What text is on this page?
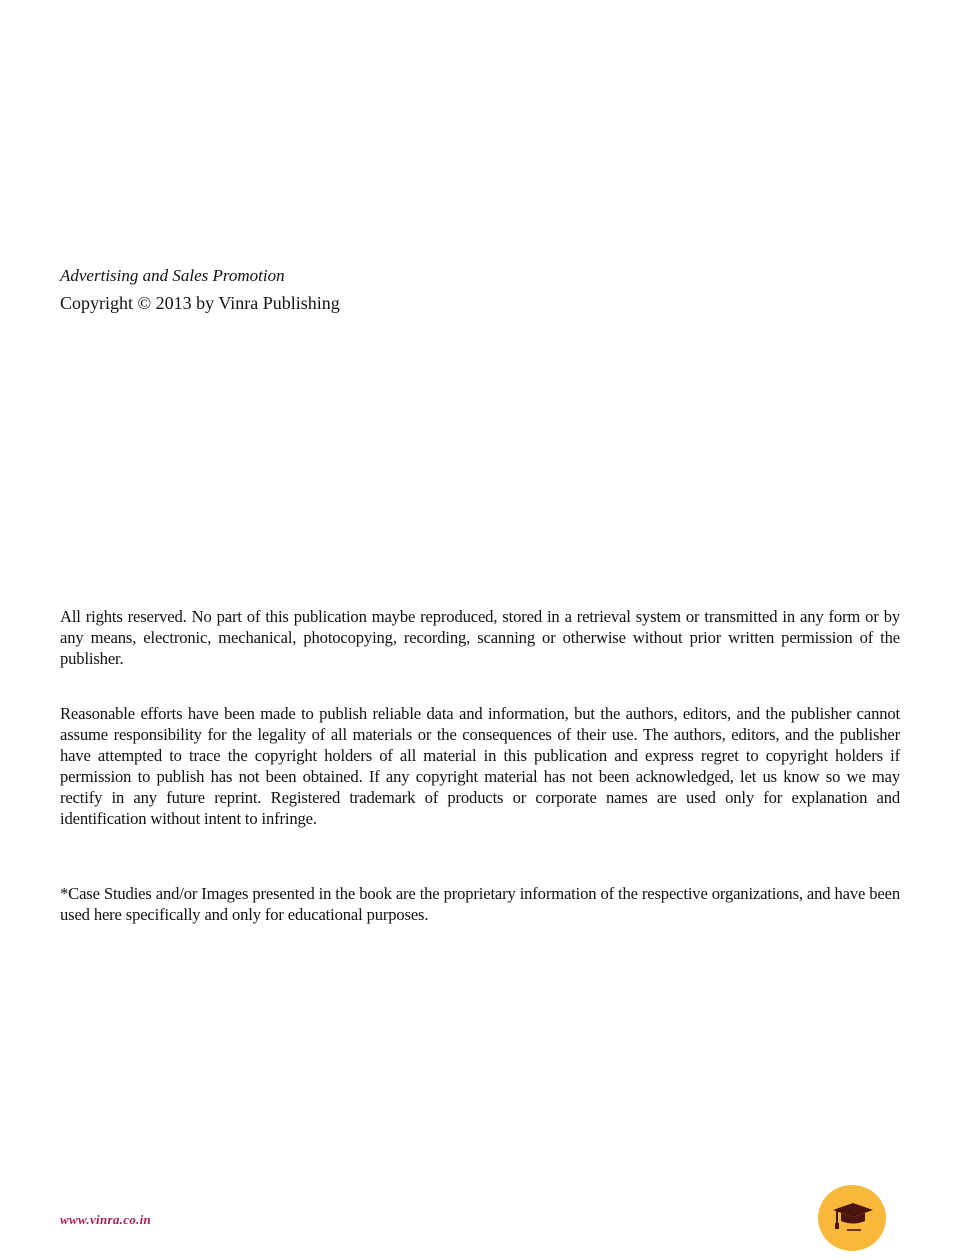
Advertising and Sales Promotion
Copyright © 2013 by Vinra Publishing

All rights reserved. No part of this publication maybe reproduced, stored in a retrieval system or transmitted in any form or by any means, electronic, mechanical, photocopying, recording, scanning or otherwise without prior written permission of the publisher.

Reasonable efforts have been made to publish reliable data and information, but the authors, editors, and the publisher cannot assume responsibility for the legality of all materials or the consequences of their use. The authors, editors, and the publisher have attempted to trace the copyright holders of all material in this publication and express regret to copyright holders if permission to publish has not been obtained. If any copyright material has not been acknowledged, let us know so we may rectify in any future reprint. Registered trademark of products or corporate names are used only for explanation and identification without intent to infringe.

*Case Studies and/or Images presented in the book are the proprietary information of the respective organizations, and have been used here specifically and only for educational purposes.

www.vinra.co.in
